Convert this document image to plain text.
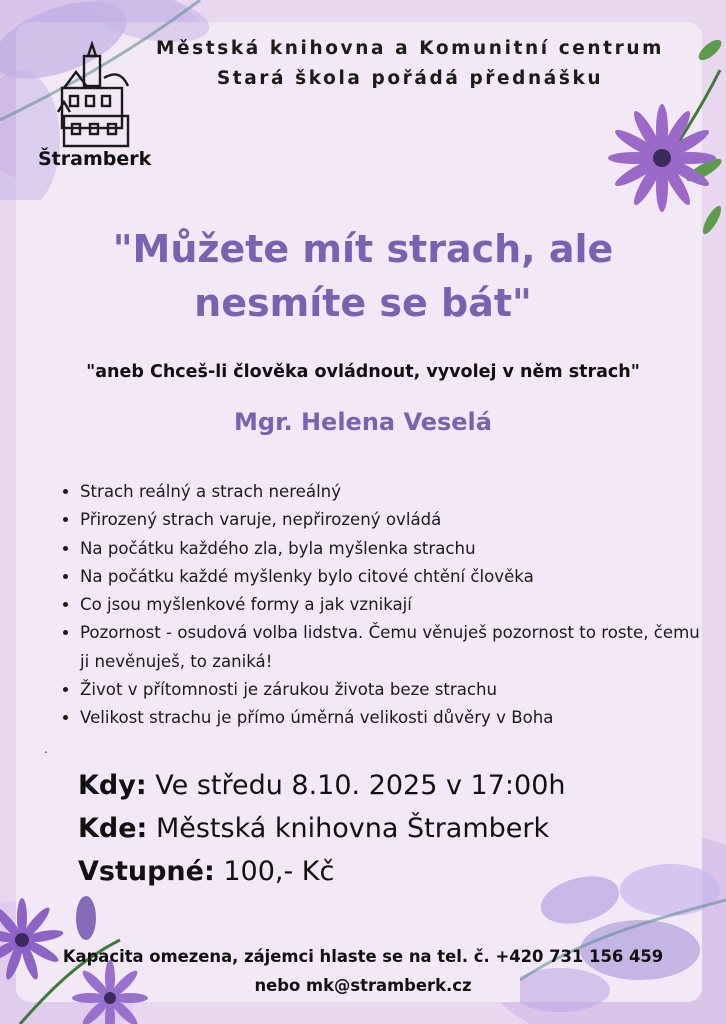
Městská knihovna a Komunitní centrum
Stará škola pořádá přednášku
Štramberk
"Můžete mít strach, ale
nesmíte se bát"
"aneb Chceš-li člověka ovládnout, vyvolej v něm strach"
Mgr. Helena Veselá
• Strach reálný a strach nereálný
• Přirozený strach varuje, nepřirozený ovládá
• Na počátku každého zla, byla myšlenka strachu
• Na počátku každé myšlenky bylo citové chtění člověka
• Co jsou myšlenkové formy a jak vznikají
• Pozornost - osudová volba lidstva. Čemu věnuješ pozornost to roste, čemu ji nevěnuješ, to zaniká!
• Život v přítomnosti je zárukou života beze strachu
• Velikost strachu je přímo úměrná velikosti důvěry v Boha
.
Kdy: Ve středu 8.10. 2025 v 17:00h
Kde: Městská knihovna Štramberk
Vstupné: 100,- Kč
Kapacita omezena, zájemci hlaste se na tel. č. +420 731 156 459
nebo mk@stramberk.cz
